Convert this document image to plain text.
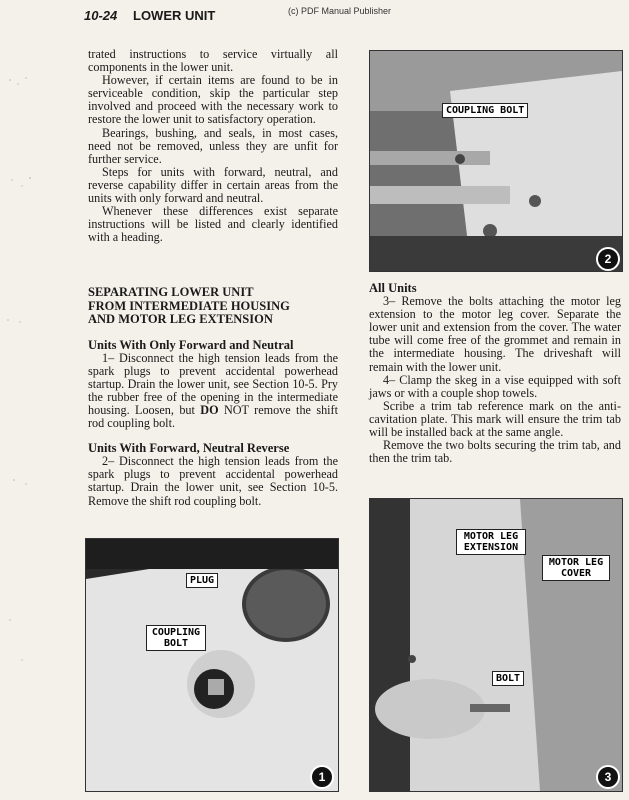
10-24 LOWER UNIT	(c) PDF Manual Publisher

trated instructions to service virtually all components in the lower unit.

However, if certain items are found to be in serviceable condition, skip the particular step involved and proceed with the necessary work to restore the lower unit to satisfactory operation.

Bearings, bushing, and seals, in most cases, need not be removed, unless they are unfit for further service.

Steps for units with forward, neutral, and reverse capability differ in certain areas from the units with only forward and neutral.

Whenever these differences exist separate instructions will be listed and clearly identified with a heading.

SEPARATING LOWER UNIT

FROM INTERMEDIATE HOUSING

AND MOTOR LEG EXTENSION

Units With Only Forward and Neutral

1– Disconnect the high tension leads from the spark plugs to prevent accidental powerhead startup. Drain the lower unit, see Section 10-5. Pry the rubber free of the opening in the intermediate housing. Loosen, but DO NOT remove the shift rod coupling bolt.

Units With Forward, Neutral Reverse

2– Disconnect the high tension leads from the spark plugs to prevent accidental powerhead startup. Drain the lower unit, see Section 10-5. Remove the shift rod coupling bolt.

All Units

3– Remove the bolts attaching the motor leg extension to the motor leg cover. Separate the lower unit and extension from the cover. The water tube will come free of the grommet and remain in the intermediate housing. The driveshaft will remain with the lower unit.

4– Clamp the skeg in a vise equipped with soft jaws or with a couple shop towels.

Scribe a trim tab reference mark on the anti-cavitation plate. This mark will ensure the trim tab will be installed back at the same angle.

Remove the two bolts securing the trim tab, and then the trim tab.

COUPLING BOLT
2
PLUG
COUPLING BOLT
1
MOTOR LEG EXTENSION
MOTOR LEG COVER
BOLT
3
